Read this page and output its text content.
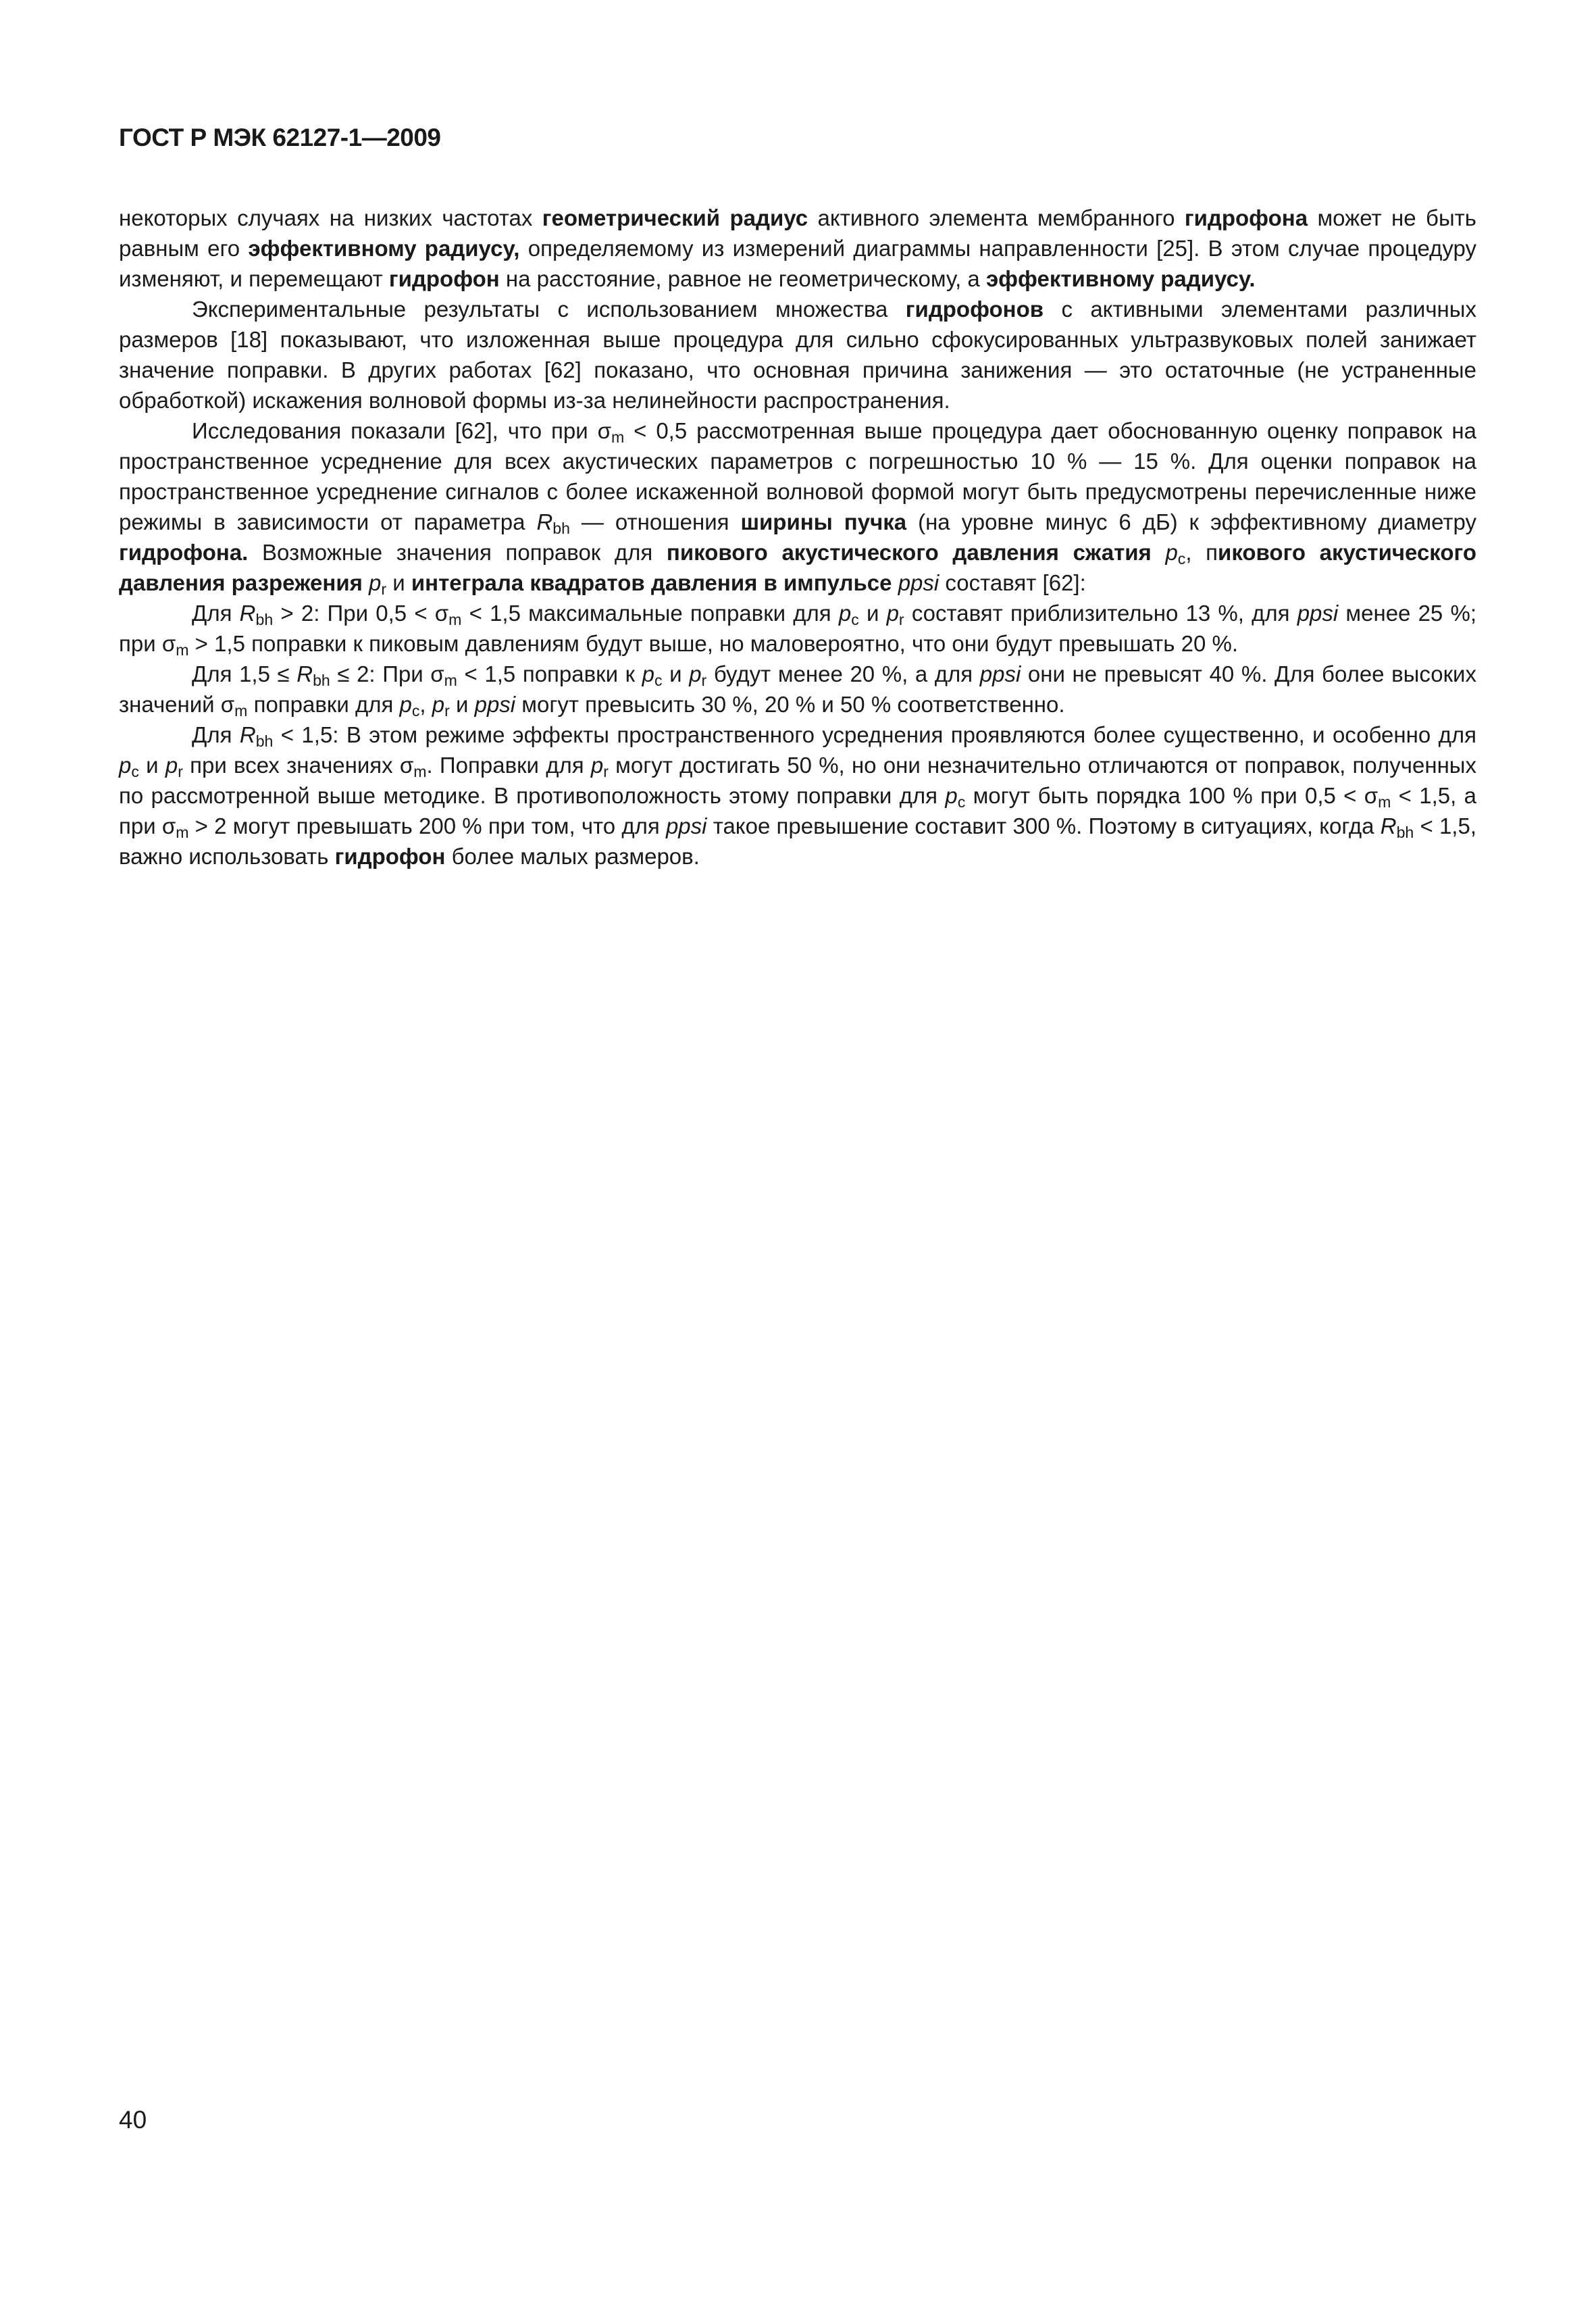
ГОСТ Р МЭК 62127-1—2009

некоторых случаях на низких частотах геометрический радиус активного элемента мембранного гидрофона может не быть равным его эффективному радиусу, определяемому из измерений диаграммы направленности [25]. В этом случае процедуру изменяют, и перемещают гидрофон на расстояние, равное не геометрическому, а эффективному радиусу.

Экспериментальные результаты с использованием множества гидрофонов с активными элементами различных размеров [18] показывают, что изложенная выше процедура для сильно сфокусированных ультразвуковых полей занижает значение поправки. В других работах [62] показано, что основная причина занижения — это остаточные (не устраненные обработкой) искажения волновой формы из-за нелинейности распространения.

Исследования показали [62], что при $\sigma_m < 0,5$ рассмотренная выше процедура дает обоснованную оценку поправок на пространственное усреднение для всех акустических параметров с погрешностью 10 % — 15 %. Для оценки поправок на пространственное усреднение сигналов с более искаженной волновой формой могут быть предусмотрены перечисленные ниже режимы в зависимости от параметра $R_{bh}$ — отношения ширины пучка (на уровне минус 6 дБ) к эффективному диаметру гидрофона. Возможные значения поправок для пикового акустического давления сжатия $p_c$, пикового акустического давления разрежения $p_r$ и интеграла квадратов давления в импульсе ppsi составят [62]:

Для $R_{bh} > 2$: При $0,5 < \sigma_m < 1,5$ максимальные поправки для $p_c$ и $p_r$ составят приблизительно 13 %, для ppsi менее 25 %; при $\sigma_m > 1,5$ поправки к пиковым давлениям будут выше, но маловероятно, что они будут превышать 20 %.

Для $1,5 \le R_{bh} \le 2$: При $\sigma_m < 1,5$ поправки к $p_c$ и $p_r$ будут менее 20 %, а для ppsi они не превысят 40 %. Для более высоких значений $\sigma_m$ поправки для $p_c$, $p_r$ и ppsi могут превысить 30 %, 20 % и 50 % соответственно.

Для $R_{bh} < 1,5$: В этом режиме эффекты пространственного усреднения проявляются более существенно, и особенно для $p_c$ и $p_r$ при всех значениях $\sigma_m$. Поправки для $p_r$ могут достигать 50 %, но они незначительно отличаются от поправок, полученных по рассмотренной выше методике. В противоположность этому поправки для $p_c$ могут быть порядка 100 % при $0,5 < \sigma_m < 1,5$, а при $\sigma_m > 2$ могут превышать 200 % при том, что для ppsi такое превышение составит 300 %. Поэтому в ситуациях, когда $R_{bh} < 1,5$, важно использовать гидрофон более малых размеров.

40
